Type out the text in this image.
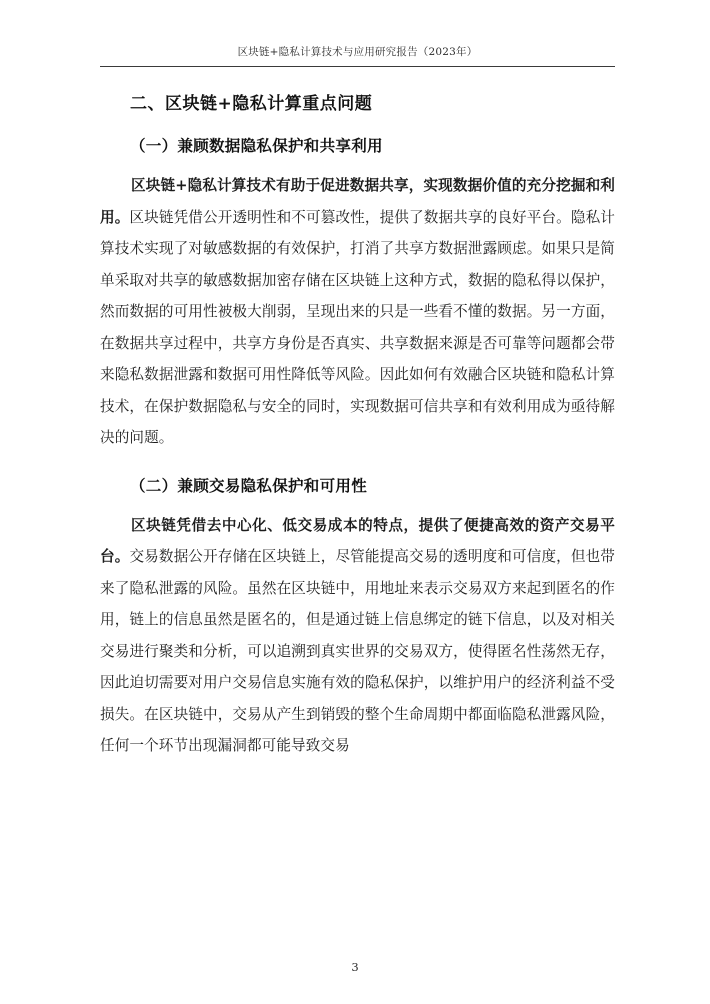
区块链+隐私计算技术与应用研究报告（2023年）
二、区块链+隐私计算重点问题
（一）兼顾数据隐私保护和共享利用

区块链+隐私计算技术有助于促进数据共享，实现数据价值的充分挖掘和利用。区块链凭借公开透明性和不可篡改性，提供了数据共享的良好平台。隐私计算技术实现了对敏感数据的有效保护，打消了共享方数据泄露顾虑。如果只是简单采取对共享的敏感数据加密存储在区块链上这种方式，数据的隐私得以保护，然而数据的可用性被极大削弱，呈现出来的只是一些看不懂的数据。另一方面，在数据共享过程中，共享方身份是否真实、共享数据来源是否可靠等问题都会带来隐私数据泄露和数据可用性降低等风险。因此如何有效融合区块链和隐私计算技术，在保护数据隐私与安全的同时，实现数据可信共享和有效利用成为亟待解决的问题。

（二）兼顾交易隐私保护和可用性

区块链凭借去中心化、低交易成本的特点，提供了便捷高效的资产交易平台。交易数据公开存储在区块链上，尽管能提高交易的透明度和可信度，但也带来了隐私泄露的风险。虽然在区块链中，用地址来表示交易双方来起到匿名的作用，链上的信息虽然是匿名的，但是通过链上信息绑定的链下信息，以及对相关交易进行聚类和分析，可以追溯到真实世界的交易双方，使得匿名性荡然无存，因此迫切需要对用户交易信息实施有效的隐私保护，以维护用户的经济利益不受损失。在区块链中，交易从产生到销毁的整个生命周期中都面临隐私泄露风险，任何一个环节出现漏洞都可能导致交易

3
